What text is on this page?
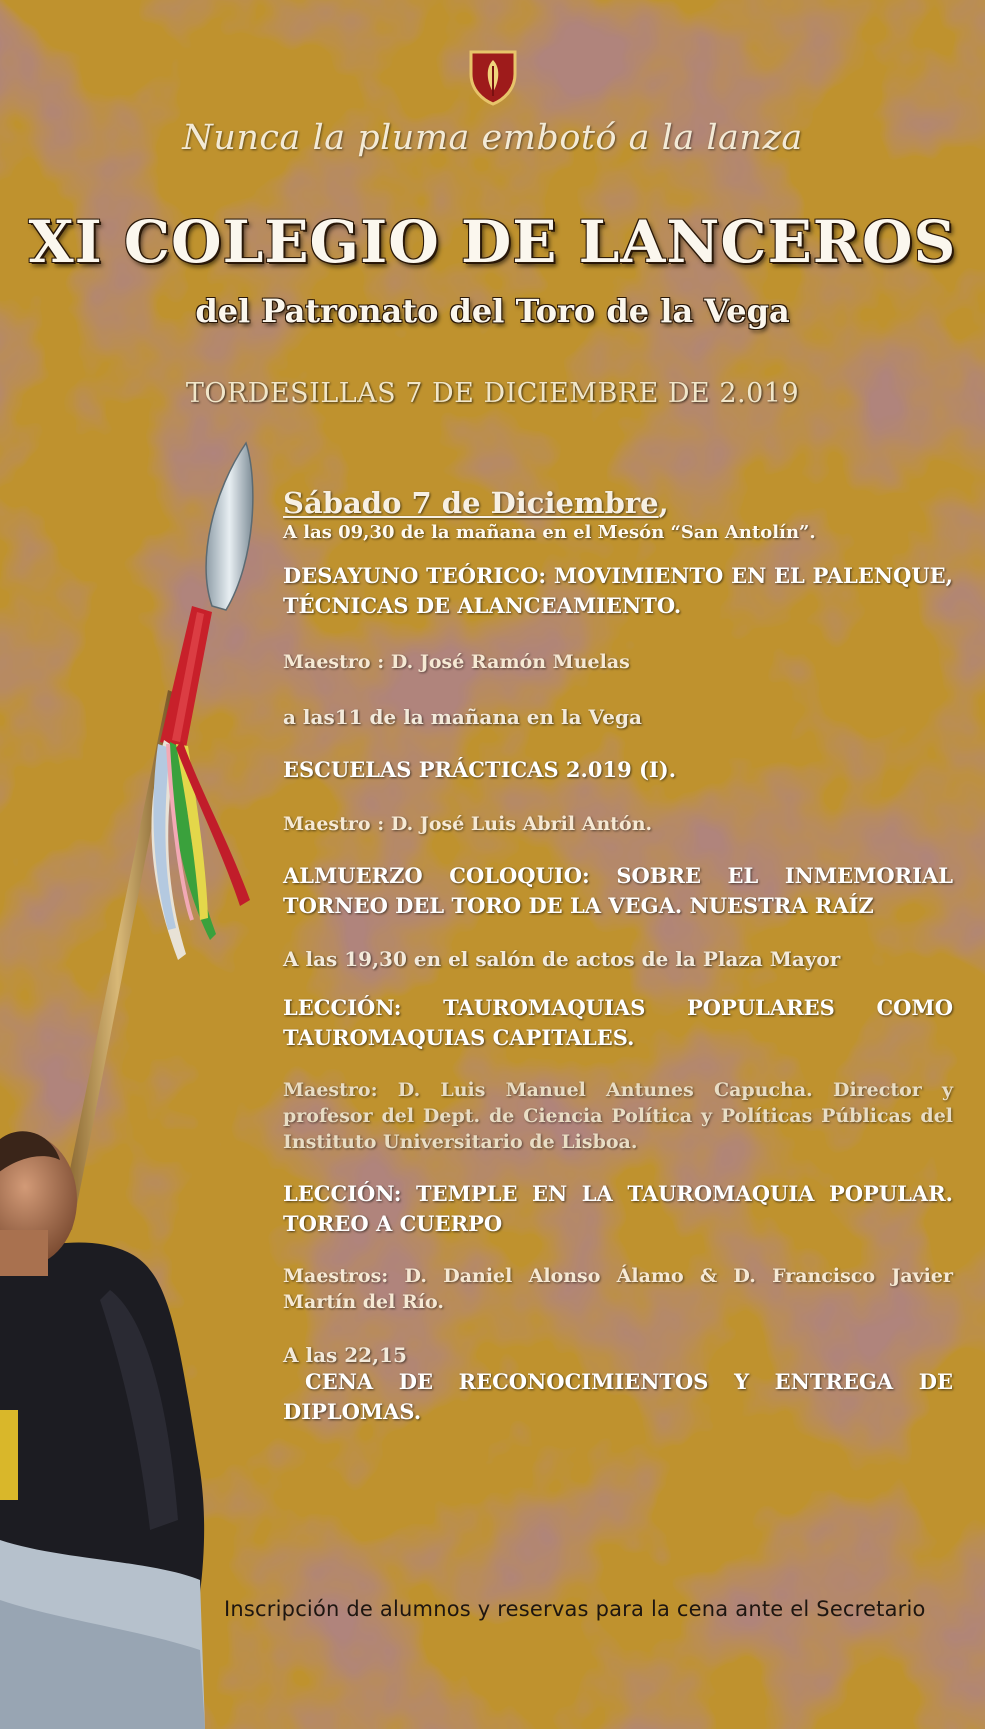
Nunca la pluma embotó a la lanza
XI COLEGIO DE LANCEROS
del Patronato del Toro de la Vega
TORDESILLAS 7 DE DICIEMBRE DE 2.019

Sábado 7 de Diciembre,

A las 09,30 de la mañana en el Mesón “San Antolín”.

DESAYUNO TEÓRICO: MOVIMIENTO EN EL PALENQUE, TÉCNICAS DE ALANCEAMIENTO.

Maestro : D. José Ramón Muelas

a las11 de la mañana en la Vega

ESCUELAS PRÁCTICAS 2.019 (I).

Maestro : D. José Luis Abril Antón.

ALMUERZO COLOQUIO: SOBRE EL INMEMORIAL TORNEO DEL TORO DE LA VEGA. NUESTRA RAÍZ

A las 19,30 en el salón de actos de la Plaza Mayor

LECCIÓN: TAUROMAQUIAS POPULARES COMO TAUROMAQUIAS CAPITALES.

Maestro: D. Luis Manuel Antunes Capucha. Director y profesor del Dept. de Ciencia Política y Políticas Públicas del Instituto Universitario de Lisboa.

LECCIÓN: TEMPLE EN LA TAUROMAQUIA POPULAR. TOREO A CUERPO

Maestros: D. Daniel Alonso Álamo & D. Francisco Javier Martín del Río.

A las 22,15

CENA DE RECONOCIMIENTOS Y ENTREGA DE DIPLOMAS.

Inscripción de alumnos y reservas para la cena ante el Secretario
